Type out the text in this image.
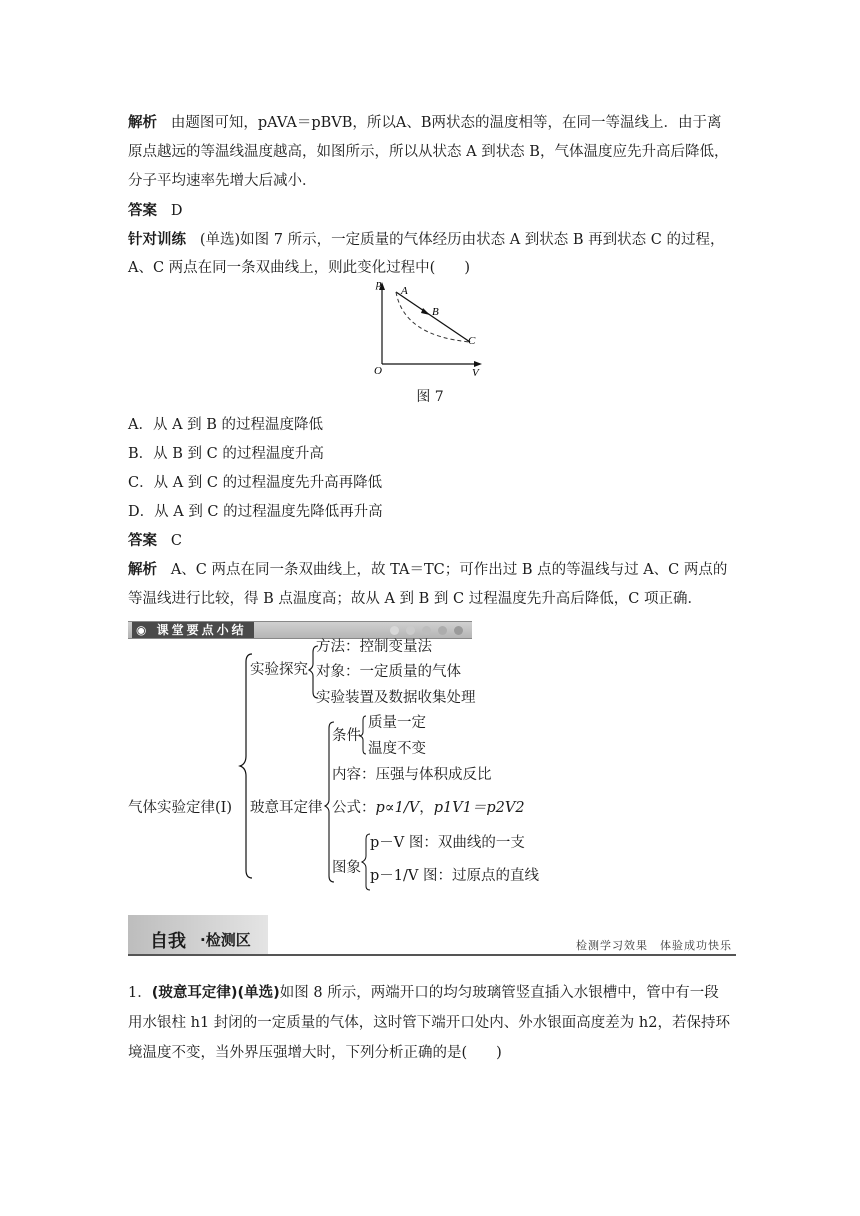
解析 由题图可知，pAVA＝pBVB，所以A、B两状态的温度相等，在同一等温线上．由于离
原点越远的等温线温度越高，如图所示，所以从状态 A 到状态 B，气体温度应先升高后降低，
分子平均速率先增大后减小．
答案 D
针对训练 (单选)如图 7 所示，一定质量的气体经历由状态 A 到状态 B 再到状态 C 的过程，
A、C 两点在同一条双曲线上，则此变化过程中(　　)
p
V
O
A
B
C
图 7
A．从 A 到 B 的过程温度降低
B．从 B 到 C 的过程温度升高
C．从 A 到 C 的过程温度先升高再降低
D．从 A 到 C 的过程温度先降低再升高
答案 C
解析 A、C 两点在同一条双曲线上，故 TA＝TC；可作出过 B 点的等温线与过 A、C 两点的
等温线进行比较，得 B 点温度高；故从 A 到 B 到 C 过程温度先升高后降低，C 项正确．
◉ 课堂要点小结
气体实验定律(Ⅰ)
实验探究
方法：控制变量法
对象：一定质量的气体
实验装置及数据收集处理
玻意耳定律
条件
质量一定
温度不变
内容：压强与体积成反比
公式：p∝1/V，p1V1＝p2V2
图象
p－V 图：双曲线的一支
p－1/V 图：过原点的直线
自我 ·检测区	检测学习效果　体验成功快乐
1．(玻意耳定律)(单选)如图 8 所示，两端开口的均匀玻璃管竖直插入水银槽中，管中有一段
用水银柱 h1 封闭的一定质量的气体，这时管下端开口处内、外水银面高度差为 h2，若保持环
境温度不变，当外界压强增大时，下列分析正确的是(　　)
